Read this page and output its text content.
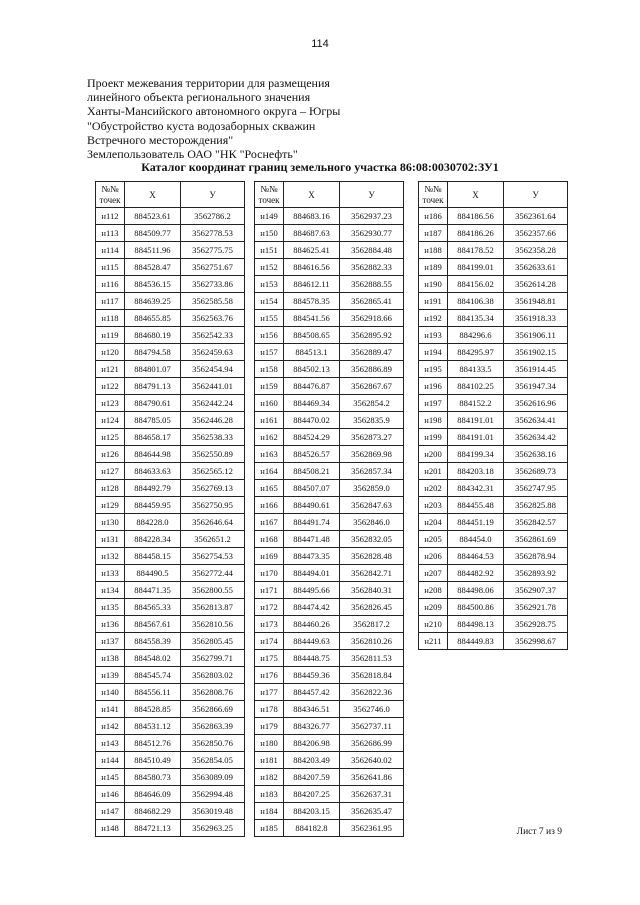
114
Проект межевания территории для размещения
линейного объекта регионального значения
Ханты-Мансийского автономного округа – Югры
"Обустройство куста водозаборных скважин
Встречного месторождения"
Землепользователь ОАО "НК "Роснефть"
Каталог координат границ земельного участка 86:08:0030702:ЗУ1
№№
точек	Х	У
н112	884523.61	3562786.2
н113	884509.77	3562778.53
н114	884511.96	3562775.75
н115	884528.47	3562751.67
н116	884536.15	3562733.86
н117	884639.25	3562585.58
н118	884655.85	3562563.76
н119	884680.19	3562542.33
н120	884794.58	3562459.63
н121	884801.07	3562454.94
н122	884791.13	3562441.01
н123	884790.61	3562442.24
н124	884785.05	3562446.28
н125	884658.17	3562538.33
н126	884644.98	3562550.89
н127	884633.63	3562565.12
н128	884492.79	3562769.13
н129	884459.95	3562750.95
н130	884228.0	3562646.64
н131	884228.34	3562651.2
н132	884458.15	3562754.53
н133	884490.5	3562772.44
н134	884471.35	3562800.55
н135	884565.33	3562813.87
н136	884567.61	3562810.56
н137	884558.39	3562805.45
н138	884548.02	3562799.71
н139	884545.74	3562803.02
н140	884556.11	3562808.76
н141	884528.85	3562866.69
н142	884531.12	3562863.39
н143	884512.76	3562850.76
н144	884510.49	3562854.05
н145	884580.73	3563089.09
н146	884646.09	3562994.48
н147	884682.29	3563019.48
н148	884721.13	3562963.25
№№
точек	Х	У
н149	884683.16	3562937.23
н150	884687.63	3562930.77
н151	884625.41	3562884.48
н152	884616.56	3562882.33
н153	884612.11	3562888.55
н154	884578.35	3562865.41
н155	884541.56	3562918.66
н156	884508.65	3562895.92
н157	884513.1	3562889.47
н158	884502.13	3562886.89
н159	884476.87	3562867.67
н160	884469.34	3562854.2
н161	884470.02	3562835.9
н162	884524.29	3562873.27
н163	884526.57	3562869.98
н164	884508.21	3562857.34
н165	884507.07	3562859.0
н166	884490.61	3562847.63
н167	884491.74	3562846.0
н168	884471.48	3562832.05
н169	884473.35	3562828.48
н170	884494.01	3562842.71
н171	884495.66	3562840.31
н172	884474.42	3562826.45
н173	884460.26	3562817.2
н174	884449.63	3562810.26
н175	884448.75	3562811.53
н176	884459.36	3562818.84
н177	884457.42	3562822.36
н178	884346.51	3562746.0
н179	884326.77	3562737.11
н180	884206.98	3562686.99
н181	884203.49	3562640.02
н182	884207.59	3562641.86
н183	884207.25	3562637.31
н184	884203.15	3562635.47
н185	884182.8	3562361.95
№№
точек	Х	У
н186	884186.56	3562361.64
н187	884186.26	3562357.66
н188	884178.52	3562358.28
н189	884199.01	3562633.61
н190	884156.02	3562614.28
н191	884106.38	3561948.81
н192	884135.34	3561918.33
н193	884296.6	3561906.11
н194	884295.97	3561902.15
н195	884133.5	3561914.45
н196	884102.25	3561947.34
н197	884152.2	3562616.96
н198	884191.01	3562634.41
н199	884191.01	3562634.42
н200	884199.34	3562638.16
н201	884203.18	3562689.73
н202	884342.31	3562747.95
н203	884455.48	3562825.88
н204	884451.19	3562842.57
н205	884454.0	3562861.69
н206	884464.53	3562878.94
н207	884482.92	3562893.92
н208	884498.06	3562907.37
н209	884500.86	3562921.78
н210	884498.13	3562928.75
н211	884449.83	3562998.67
Лист 7 из 9
